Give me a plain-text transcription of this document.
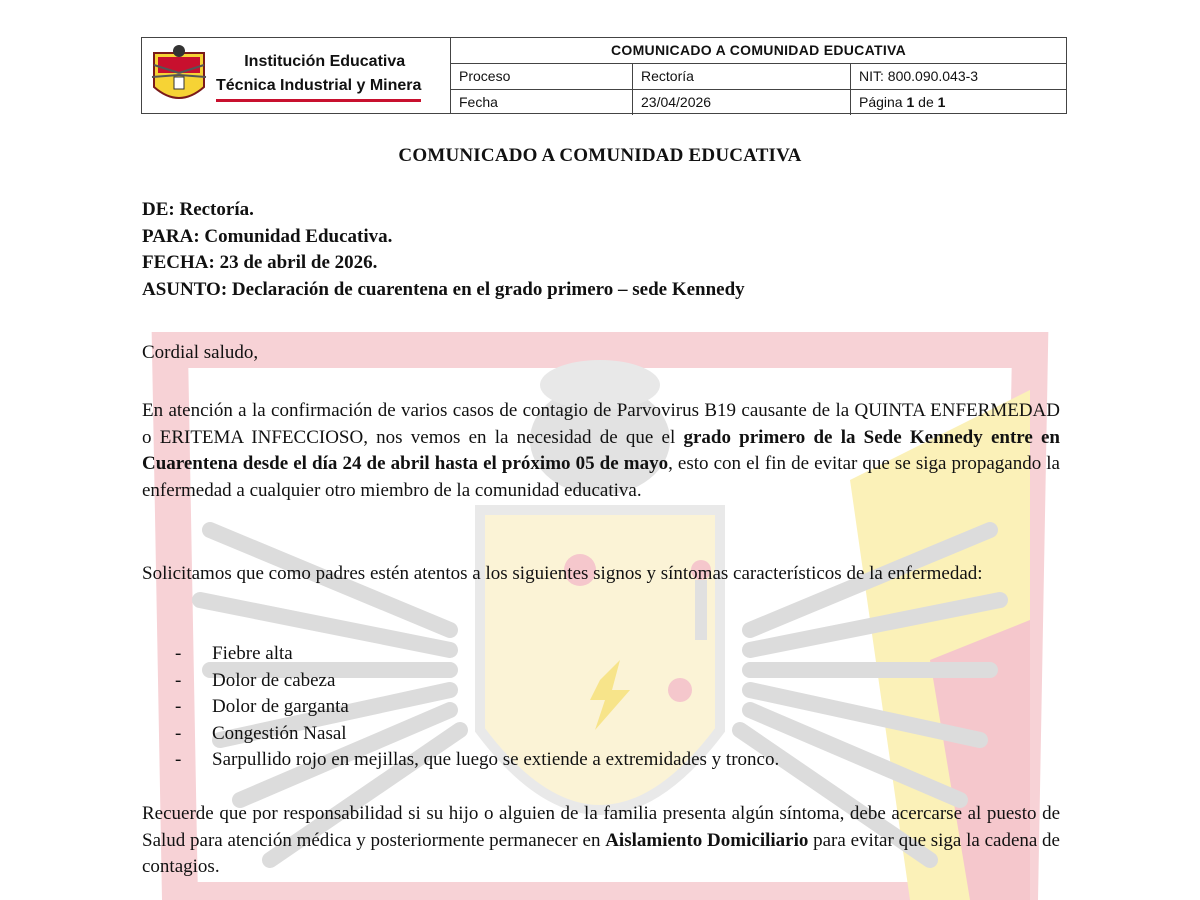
Institución Educativa
Técnica Industrial y Minera
COMUNICADO A COMUNIDAD EDUCATIVA
Proceso	Rectoría	NIT: 800.090.043-3
Fecha	23/04/2026	Página 1 de 1
COMUNICADO A COMUNIDAD EDUCATIVA
DE: Rectoría.
PARA: Comunidad Educativa.
FECHA: 23 de abril de 2026.
ASUNTO: Declaración de cuarentena en el grado primero – sede Kennedy
Cordial saludo,
En atención a la confirmación de varios casos de contagio de Parvovirus B19 causante de la QUINTA ENFERMEDAD o ERITEMA INFECCIOSO, nos vemos en la necesidad de que el grado primero de la Sede Kennedy entre en Cuarentena desde el día 24 de abril hasta el próximo 05 de mayo, esto con el fin de evitar que se siga propagando la enfermedad a cualquier otro miembro de la comunidad educativa.
Solicitamos que como padres estén atentos a los siguientes signos y síntomas característicos de la enfermedad:
- Fiebre alta
- Dolor de cabeza
- Dolor de garganta
- Congestión Nasal
- Sarpullido rojo en mejillas, que luego se extiende a extremidades y tronco.
Recuerde que por responsabilidad si su hijo o alguien de la familia presenta algún síntoma, debe acercarse al puesto de Salud para atención médica y posteriormente permanecer en Aislamiento Domiciliario para evitar que siga la cadena de contagios.
